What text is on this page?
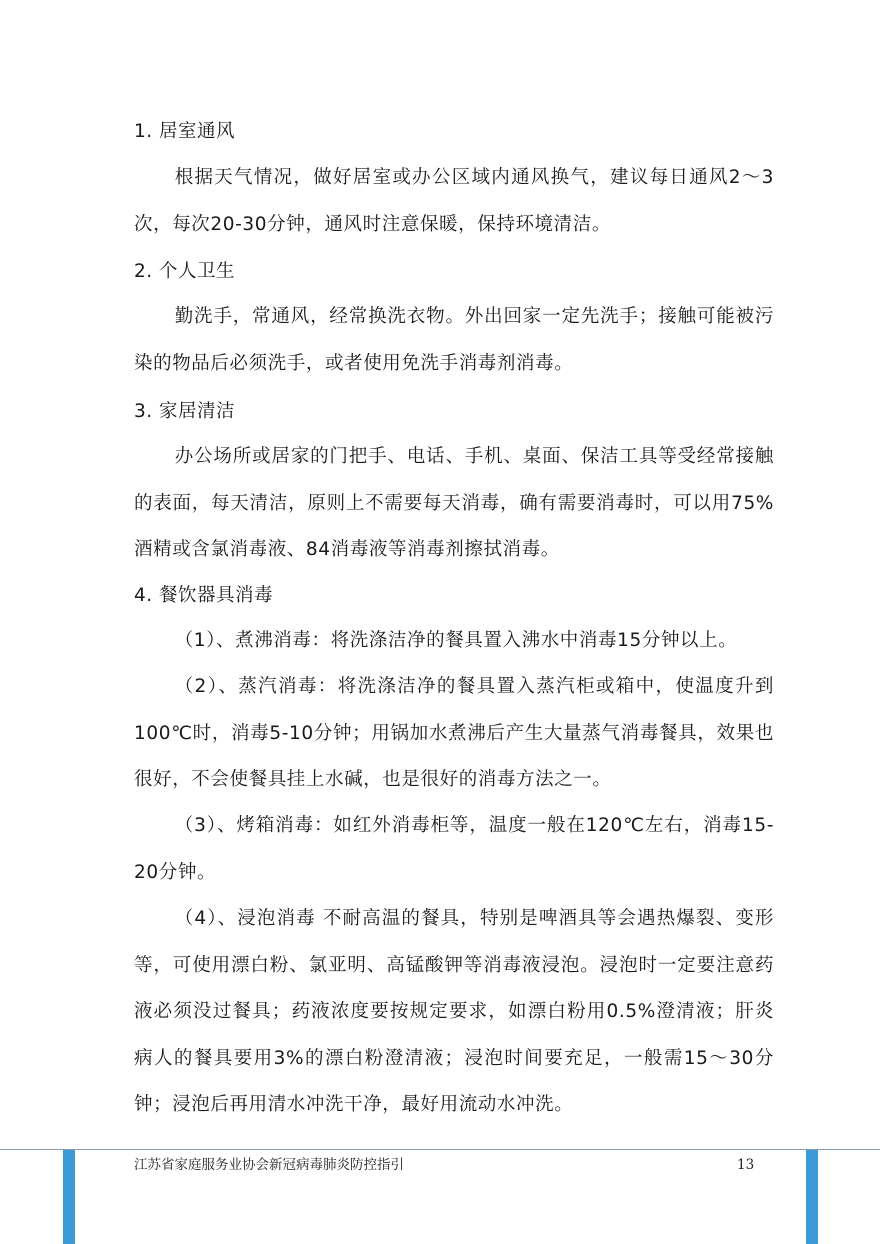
1. 居室通风

根据天气情况，做好居室或办公区域内通风换气，建议每日通风2～3次，每次20-30分钟，通风时注意保暖，保持环境清洁。

2. 个人卫生

勤洗手，常通风，经常换洗衣物。外出回家一定先洗手；接触可能被污染的物品后必须洗手，或者使用免洗手消毒剂消毒。

3. 家居清洁

办公场所或居家的门把手、电话、手机、桌面、保洁工具等受经常接触的表面，每天清洁，原则上不需要每天消毒，确有需要消毒时，可以用75%酒精或含氯消毒液、84消毒液等消毒剂擦拭消毒。

4. 餐饮器具消毒

（1）、煮沸消毒：将洗涤洁净的餐具置入沸水中消毒15分钟以上。

（2）、蒸汽消毒：将洗涤洁净的餐具置入蒸汽柜或箱中，使温度升到100℃时，消毒5-10分钟；用锅加水煮沸后产生大量蒸气消毒餐具，效果也很好，不会使餐具挂上水碱，也是很好的消毒方法之一。

（3）、烤箱消毒：如红外消毒柜等，温度一般在120℃左右，消毒15-20分钟。

（4）、浸泡消毒 不耐高温的餐具，特别是啤酒具等会遇热爆裂、变形等，可使用漂白粉、氯亚明、高锰酸钾等消毒液浸泡。浸泡时一定要注意药液必须没过餐具；药液浓度要按规定要求，如漂白粉用0.5%澄清液；肝炎病人的餐具要用3%的漂白粉澄清液；浸泡时间要充足，一般需15～30分钟；浸泡后再用清水冲洗干净，最好用流动水冲洗。

江苏省家庭服务业协会新冠病毒肺炎防控指引	13
